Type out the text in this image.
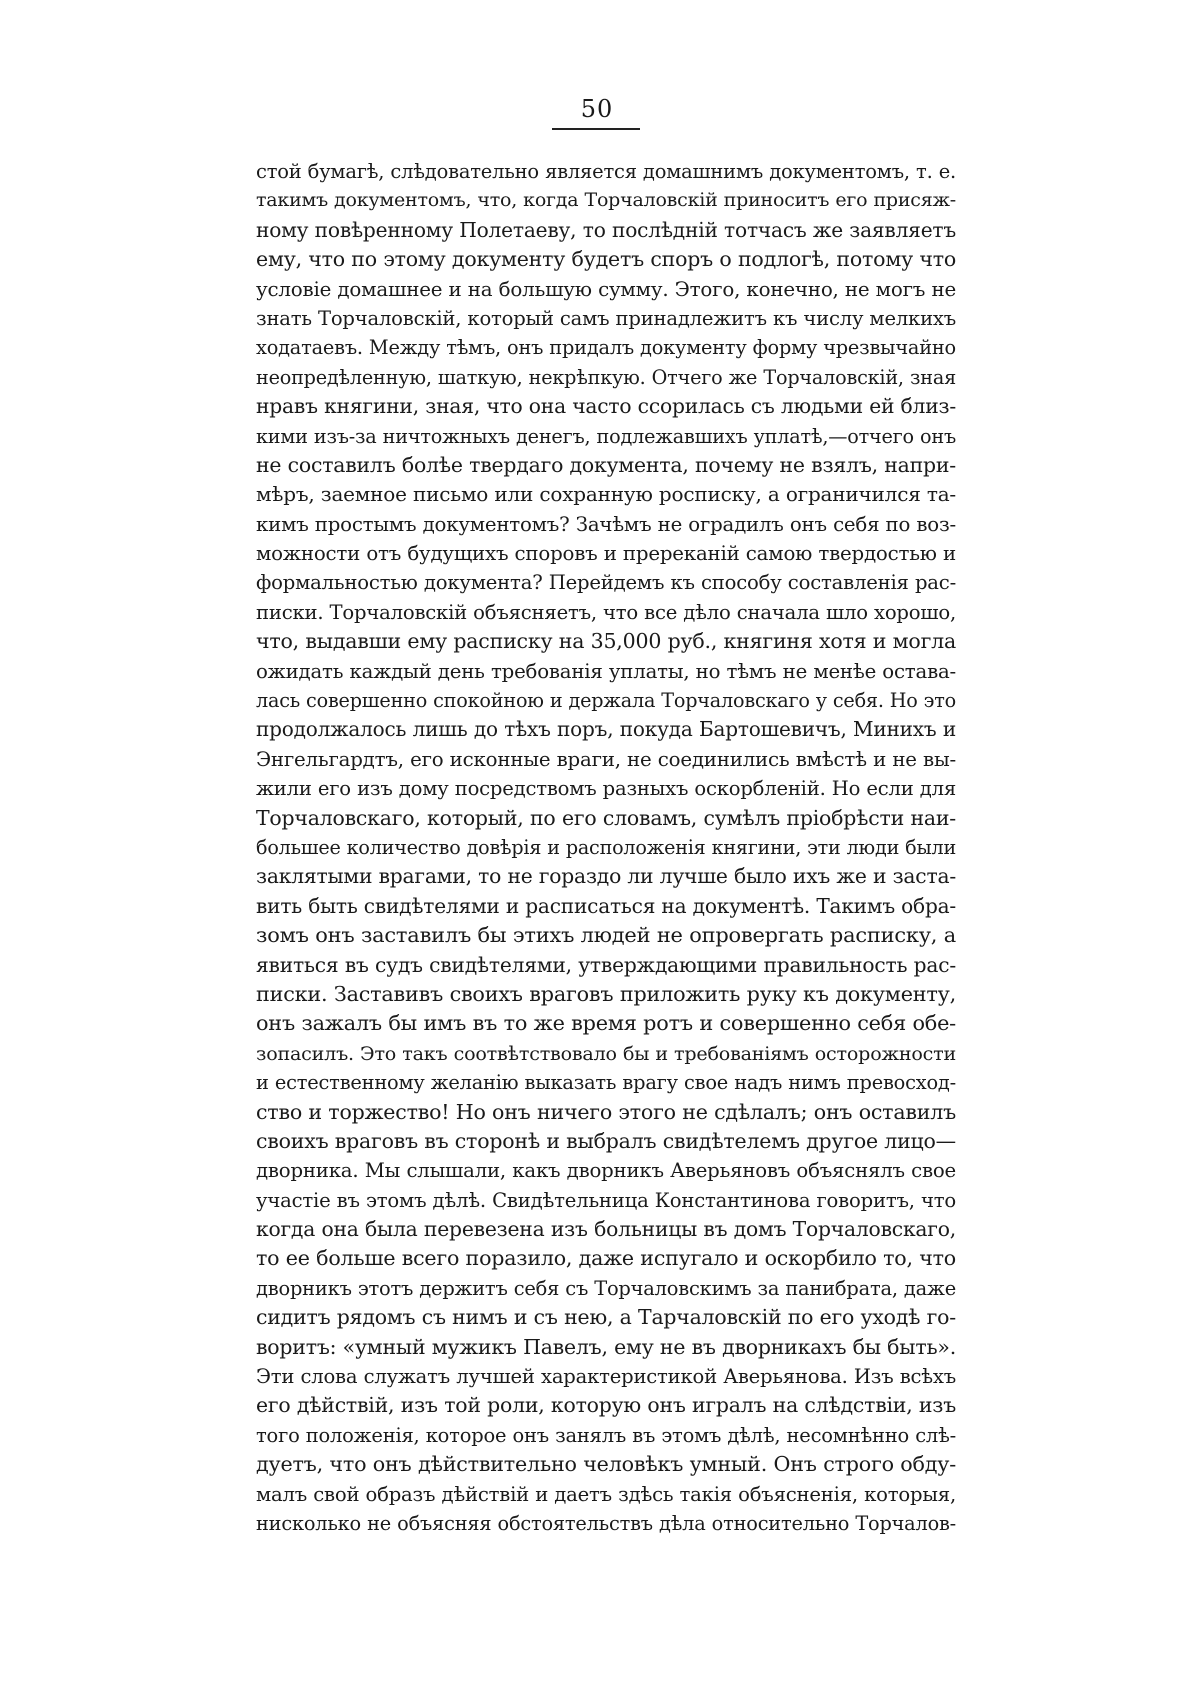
50
стой бумагѣ, слѣдовательно является домашнимъ документомъ, т. е.
такимъ документомъ, что, когда Торчаловскій приноситъ его присяж-
ному повѣренному Полетаеву, то послѣдній тотчасъ же заявляетъ
ему, что по этому документу будетъ споръ о подлогѣ, потому что
условіе домашнее и на большую сумму. Этого, конечно, не могъ не
знать Торчаловскій, который самъ принадлежитъ къ числу мелкихъ
ходатаевъ. Между тѣмъ, онъ придалъ документу форму чрезвычайно
неопредѣленную, шаткую, некрѣпкую. Отчего же Торчаловскій, зная
нравъ княгини, зная, что она часто ссорилась съ людьми ей близ-
кими изъ-за ничтожныхъ денегъ, подлежавшихъ уплатѣ,—отчего онъ
не составилъ болѣе твердаго документа, почему не взялъ, напри-
мѣръ, заемное письмо или сохранную росписку, а ограничился та-
кимъ простымъ документомъ? Зачѣмъ не оградилъ онъ себя по воз-
можности отъ будущихъ споровъ и пререканій самою твердостью и
формальностью документа? Перейдемъ къ способу составленія рас-
писки. Торчаловскій объясняетъ, что все дѣло сначала шло хорошо,
что, выдавши ему расписку на 35,000 руб., княгиня хотя и могла
ожидать каждый день требованія уплаты, но тѣмъ не менѣе остава-
лась совершенно спокойною и держала Торчаловскаго у себя. Но это
продолжалось лишь до тѣхъ поръ, покуда Бартошевичъ, Минихъ и
Энгельгардтъ, его исконные враги, не соединились вмѣстѣ и не вы-
жили его изъ дому посредствомъ разныхъ оскорбленій. Но если для
Торчаловскаго, который, по его словамъ, сумѣлъ пріобрѣсти наи-
большее количество довѣрія и расположенія княгини, эти люди были
заклятыми врагами, то не гораздо ли лучше было ихъ же и заста-
вить быть свидѣтелями и расписаться на документѣ. Такимъ обра-
зомъ онъ заставилъ бы этихъ людей не опровергать расписку, а
явиться въ судъ свидѣтелями, утверждающими правильность рас-
писки. Заставивъ своихъ враговъ приложить руку къ документу,
онъ зажалъ бы имъ въ то же время ротъ и совершенно себя обе-
зопасилъ. Это такъ соотвѣтствовало бы и требованіямъ осторожности
и естественному желанію выказать врагу свое надъ нимъ превосход-
ство и торжество! Но онъ ничего этого не сдѣлалъ; онъ оставилъ
своихъ враговъ въ сторонѣ и выбралъ свидѣтелемъ другое лицо—
дворника. Мы слышали, какъ дворникъ Аверьяновъ объяснялъ свое
участіе въ этомъ дѣлѣ. Свидѣтельница Константинова говоритъ, что
когда она была перевезена изъ больницы въ домъ Торчаловскаго,
то ее больше всего поразило, даже испугало и оскорбило то, что
дворникъ этотъ держитъ себя съ Торчаловскимъ за панибрата, даже
сидитъ рядомъ съ нимъ и съ нею, а Тарчаловскій по его уходѣ го-
воритъ: «умный мужикъ Павелъ, ему не въ дворникахъ бы быть».
Эти слова служатъ лучшей характеристикой Аверьянова. Изъ всѣхъ
его дѣйствій, изъ той роли, которую онъ игралъ на слѣдствіи, изъ
того положенія, которое онъ занялъ въ этомъ дѣлѣ, несомнѣнно слѣ-
дуетъ, что онъ дѣйствительно человѣкъ умный. Онъ строго обду-
малъ свой образъ дѣйствій и даетъ здѣсь такія объясненія, которыя,
нисколько не объясняя обстоятельствъ дѣла относительно Торчалов-
